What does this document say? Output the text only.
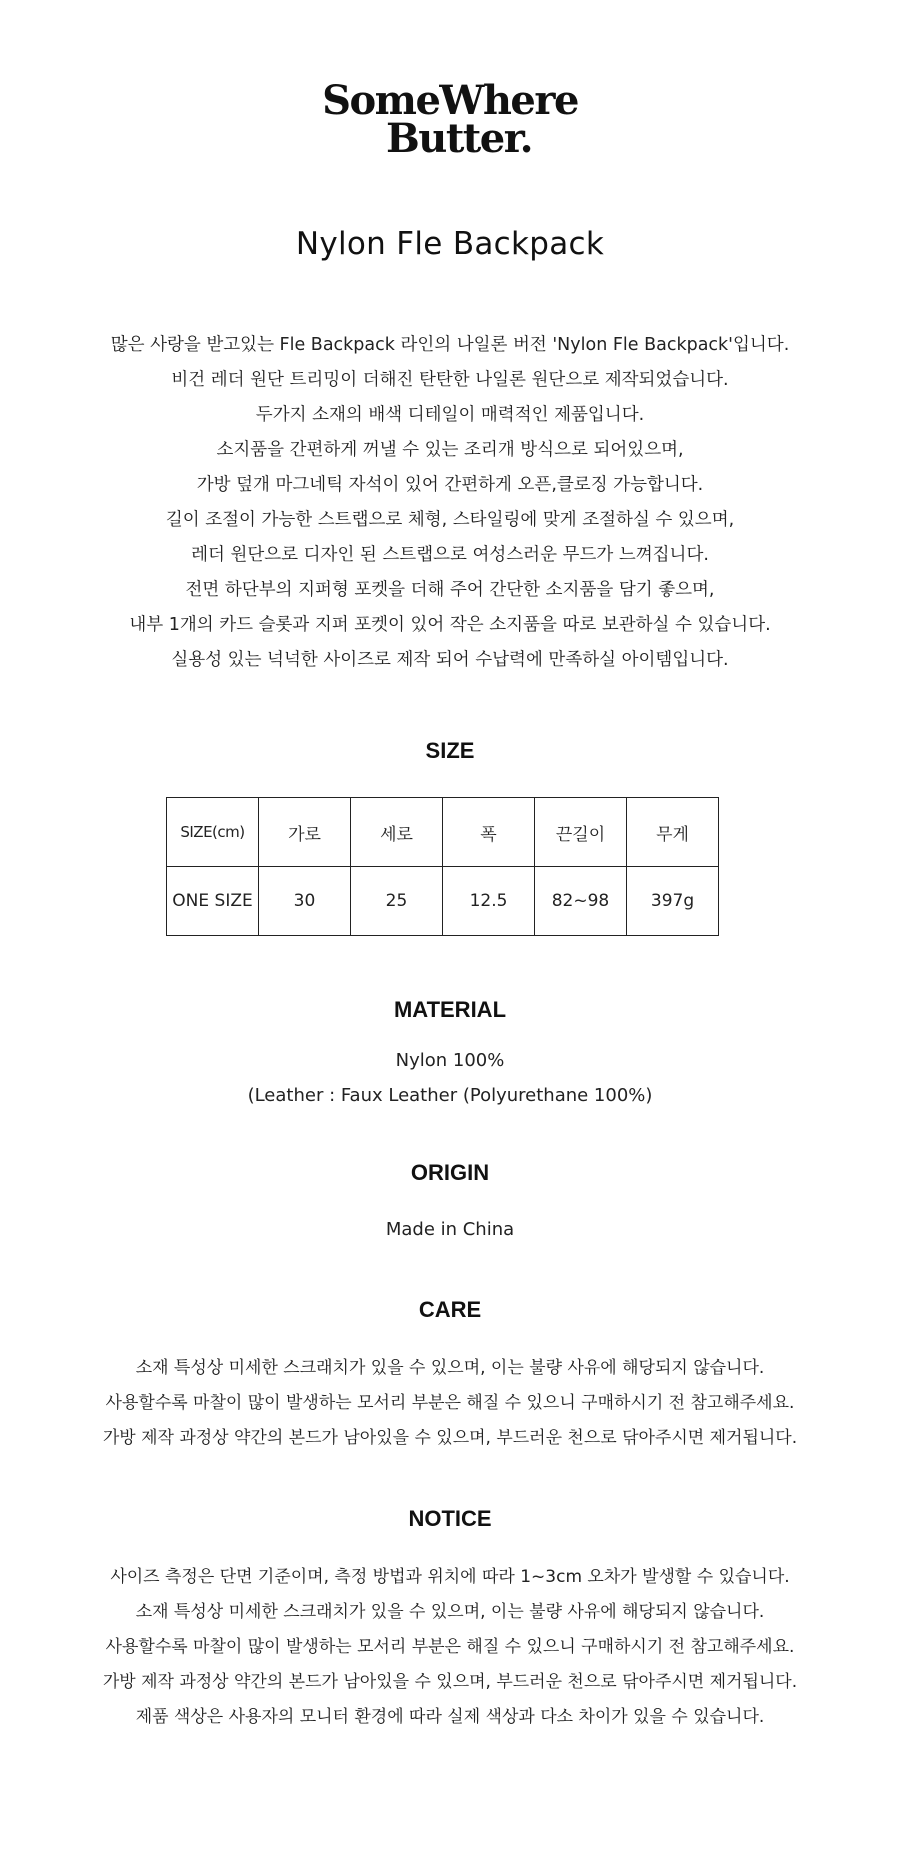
SomeWhere
Butter.
Nylon Fle Backpack
많은 사랑을 받고있는 Fle Backpack 라인의 나일론 버전 'Nylon Fle Backpack'입니다.
비건 레더 원단 트리밍이 더해진 탄탄한 나일론 원단으로 제작되었습니다.
두가지 소재의 배색 디테일이 매력적인 제품입니다.
소지품을 간편하게 꺼낼 수 있는 조리개 방식으로 되어있으며,
가방 덮개 마그네틱 자석이 있어 간편하게 오픈,클로징 가능합니다.
길이 조절이 가능한 스트랩으로 체형, 스타일링에 맞게 조절하실 수 있으며,
레더 원단으로 디자인 된 스트랩으로 여성스러운 무드가 느껴집니다.
전면 하단부의 지퍼형 포켓을 더해 주어 간단한 소지품을 담기 좋으며,
내부 1개의 카드 슬롯과 지퍼 포켓이 있어 작은 소지품을 따로 보관하실 수 있습니다.
실용성 있는 넉넉한 사이즈로 제작 되어 수납력에 만족하실 아이템입니다.
SIZE
SIZE(cm)	가로	세로	폭	끈길이	무게
ONE SIZE	30	25	12.5	82~98	397g
MATERIAL
Nylon 100%
(Leather : Faux Leather (Polyurethane 100%)
ORIGIN
Made in China
CARE
소재 특성상 미세한 스크래치가 있을 수 있으며, 이는 불량 사유에 해당되지 않습니다.
사용할수록 마찰이 많이 발생하는 모서리 부분은 해질 수 있으니 구매하시기 전 참고해주세요.
가방 제작 과정상 약간의 본드가 남아있을 수 있으며, 부드러운 천으로 닦아주시면 제거됩니다.
NOTICE
사이즈 측정은 단면 기준이며, 측정 방법과 위치에 따라 1~3cm 오차가 발생할 수 있습니다.
소재 특성상 미세한 스크래치가 있을 수 있으며, 이는 불량 사유에 해당되지 않습니다.
사용할수록 마찰이 많이 발생하는 모서리 부분은 해질 수 있으니 구매하시기 전 참고해주세요.
가방 제작 과정상 약간의 본드가 남아있을 수 있으며, 부드러운 천으로 닦아주시면 제거됩니다.
제품 색상은 사용자의 모니터 환경에 따라 실제 색상과 다소 차이가 있을 수 있습니다.
